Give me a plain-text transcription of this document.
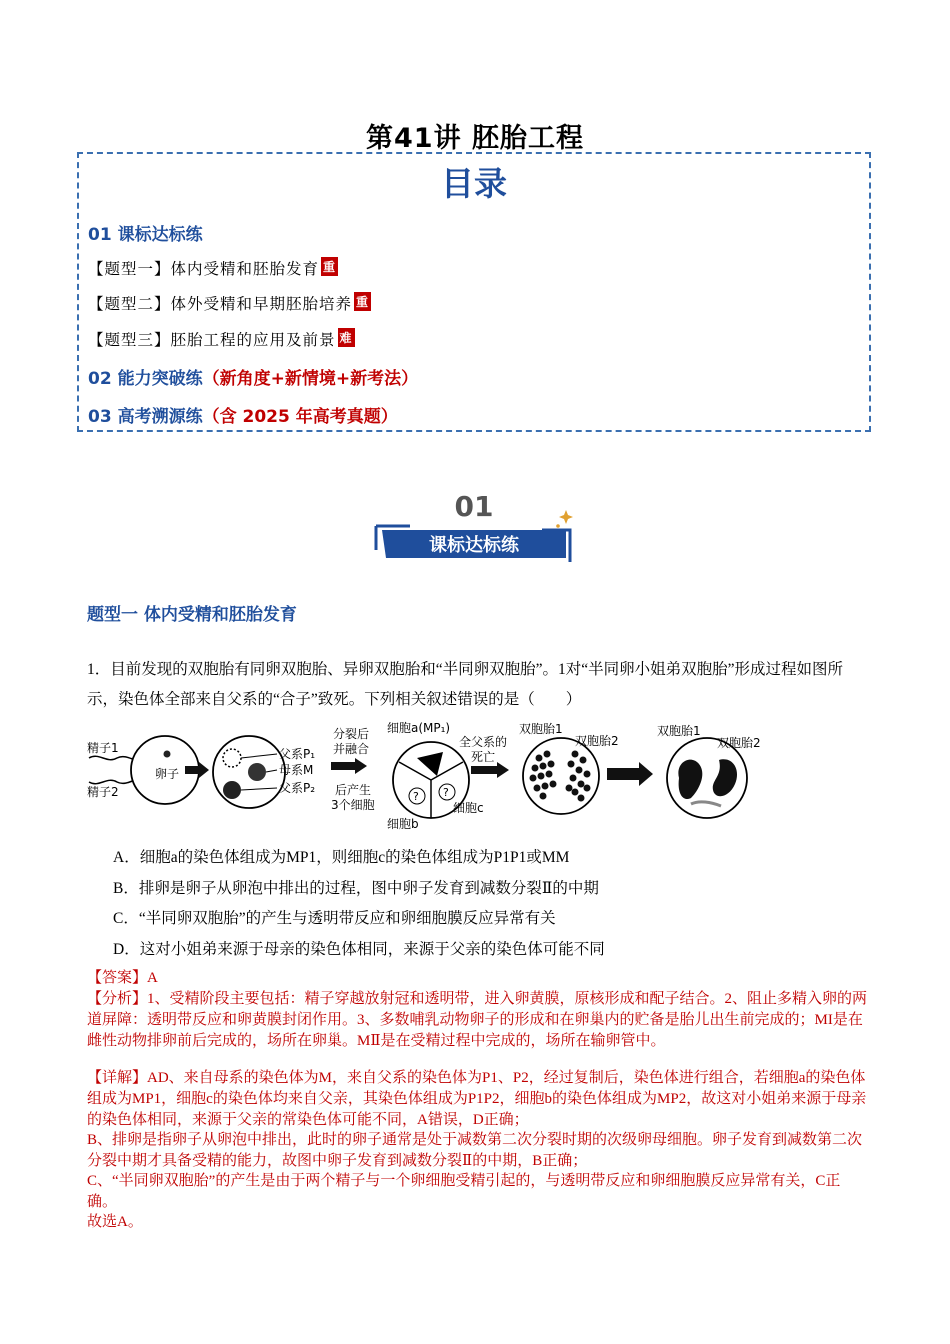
第41讲 胚胎工程
目录
01 课标达标练
【题型一】体内受精和胚胎发育 重
【题型二】体外受精和早期胚胎培养 重
【题型三】胚胎工程的应用及前景 难
02 能力突破练（新角度+新情境+新考法）
03 高考溯源练（含 2025 年高考真题）
01
课标达标练
题型一 体内受精和胚胎发育
1．目前发现的双胞胎有同卵双胞胎、异卵双胞胎和“半同卵双胞胎”。1对“半同卵小姐弟双胞胎”形成过程如图所示，染色体全部来自父系的“合子”致死。下列相关叙述错误的是（　　）
精子1
精子2
卵子
父系P₁
母系M
父系P₂
分裂后
并融合
后产生
3个细胞
? ?
细胞a(MP₁)
细胞b
细胞c
全父系的
死亡
双胞胎1
双胞胎2
双胞胎1
双胞胎2
A．细胞a的染色体组成为MP1，则细胞c的染色体组成为P1P1或MM
B．排卵是卵子从卵泡中排出的过程，图中卵子发育到减数分裂Ⅱ的中期
C．“半同卵双胞胎”的产生与透明带反应和卵细胞膜反应异常有关
D．这对小姐弟来源于母亲的染色体相同，来源于父亲的染色体可能不同
【答案】A
【分析】1、受精阶段主要包括：精子穿越放射冠和透明带，进入卵黄膜，原核形成和配子结合。2、阻止多精入卵的两道屏障：透明带反应和卵黄膜封闭作用。3、多数哺乳动物卵子的形成和在卵巢内的贮备是胎儿出生前完成的；MI是在雌性动物排卵前后完成的，场所在卵巢。MⅡ是在受精过程中完成的，场所在输卵管中。
【详解】AD、来自母系的染色体为M，来自父系的染色体为P1、P2，经过复制后，染色体进行组合，若细胞a的染色体组成为MP1，细胞c的染色体均来自父亲，其染色体组成为P1P2，细胞b的染色体组成为MP2，故这对小姐弟来源于母亲的染色体相同，来源于父亲的常染色体可能不同，A错误，D正确；
B、排卵是指卵子从卵泡中排出，此时的卵子通常是处于减数第二次分裂时期的次级卵母细胞。卵子发育到减数第二次分裂中期才具备受精的能力，故图中卵子发育到减数分裂Ⅱ的中期，B正确；
C、“半同卵双胞胎”的产生是由于两个精子与一个卵细胞受精引起的，与透明带反应和卵细胞膜反应异常有关，C正确。
故选A。
